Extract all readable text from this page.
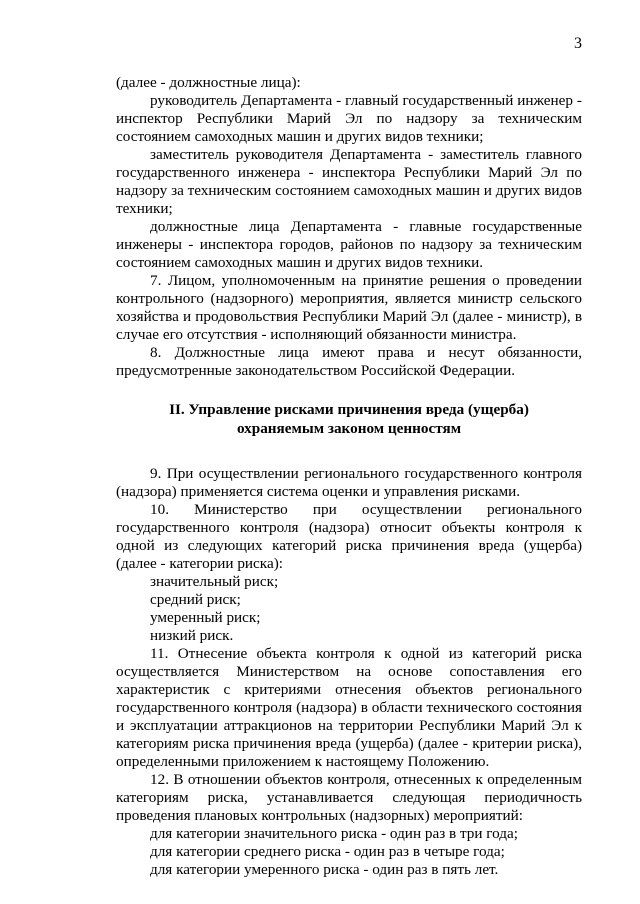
3

(далее - должностные лица):

руководитель Департамента - главный государственный инженер - инспектор Республики Марий Эл по надзору за техническим состоянием самоходных машин и других видов техники;

заместитель руководителя Департамента - заместитель главного государственного инженера - инспектора Республики Марий Эл по надзору за техническим состоянием самоходных машин и других видов техники;

должностные лица Департамента - главные государственные инженеры - инспектора городов, районов по надзору за техническим состоянием самоходных машин и других видов техники.

7. Лицом, уполномоченным на принятие решения о проведении контрольного (надзорного) мероприятия, является министр сельского хозяйства и продовольствия Республики Марий Эл (далее - министр), в случае его отсутствия - исполняющий обязанности министра.

8. Должностные лица имеют права и несут обязанности, предусмотренные законодательством Российской Федерации.

II. Управление рисками причинения вреда (ущерба)
охраняемым законом ценностям

9. При осуществлении регионального государственного контроля (надзора) применяется система оценки и управления рисками.

10. Министерство при осуществлении регионального государственного контроля (надзора) относит объекты контроля к одной из следующих категорий риска причинения вреда (ущерба) (далее - категории риска):

значительный риск;

средний риск;

умеренный риск;

низкий риск.

11. Отнесение объекта контроля к одной из категорий риска осуществляется Министерством на основе сопоставления его характеристик с критериями отнесения объектов регионального государственного контроля (надзора) в области технического состояния и эксплуатации аттракционов на территории Республики Марий Эл к категориям риска причинения вреда (ущерба) (далее - критерии риска), определенными приложением к настоящему Положению.

12. В отношении объектов контроля, отнесенных к определенным категориям риска, устанавливается следующая периодичность проведения плановых контрольных (надзорных) мероприятий:

для категории значительного риска - один раз в три года;

для категории среднего риска - один раз в четыре года;

для категории умеренного риска - один раз в пять лет.
